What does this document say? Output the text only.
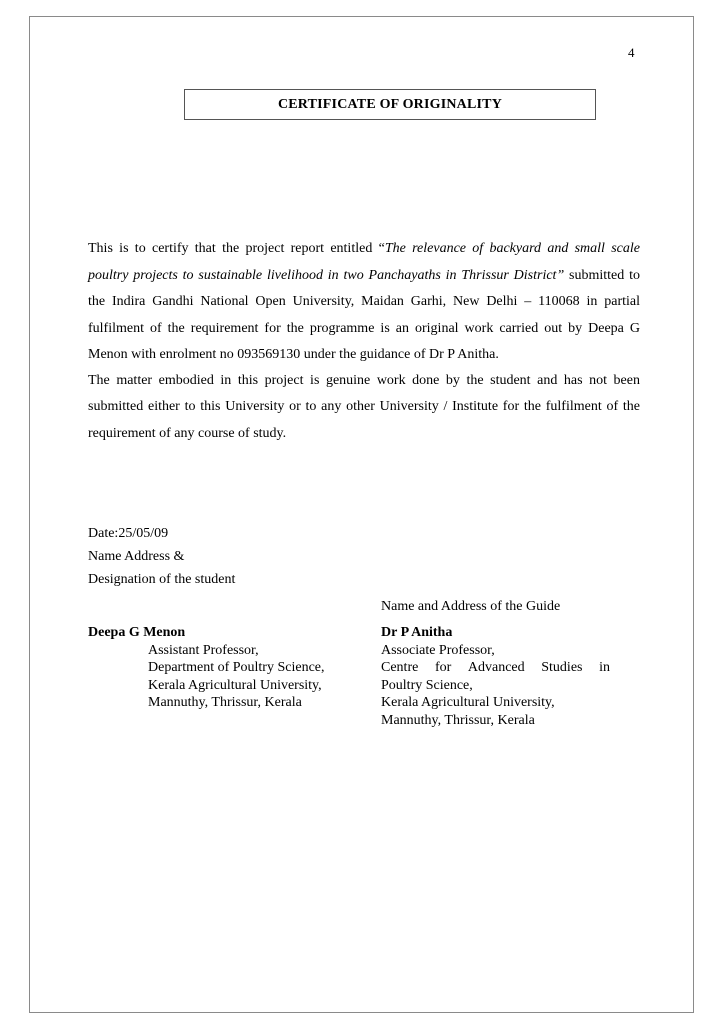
4
CERTIFICATE OF ORIGINALITY

This is to certify that the project report entitled “The relevance of backyard and small scale poultry projects to sustainable livelihood in two Panchayaths in Thrissur District” submitted to the Indira Gandhi National Open University, Maidan Garhi, New Delhi – 110068 in partial fulfilment of the requirement for the programme is an original work carried out by Deepa G Menon with enrolment no 093569130 under the guidance of Dr P Anitha.

The matter embodied in this project is genuine work done by the student and has not been submitted either to this University or to any other University / Institute for the fulfilment of the requirement of any course of study.

Date:25/05/09
Name Address &
Designation of the student
Name and Address of the Guide
Deepa G Menon
Assistant Professor,
Department of Poultry Science,
Kerala Agricultural University,
Mannuthy, Thrissur, Kerala
Dr P Anitha
Associate Professor,
Centre for Advanced Studies in
Poultry Science,
Kerala Agricultural University,
Mannuthy, Thrissur, Kerala
